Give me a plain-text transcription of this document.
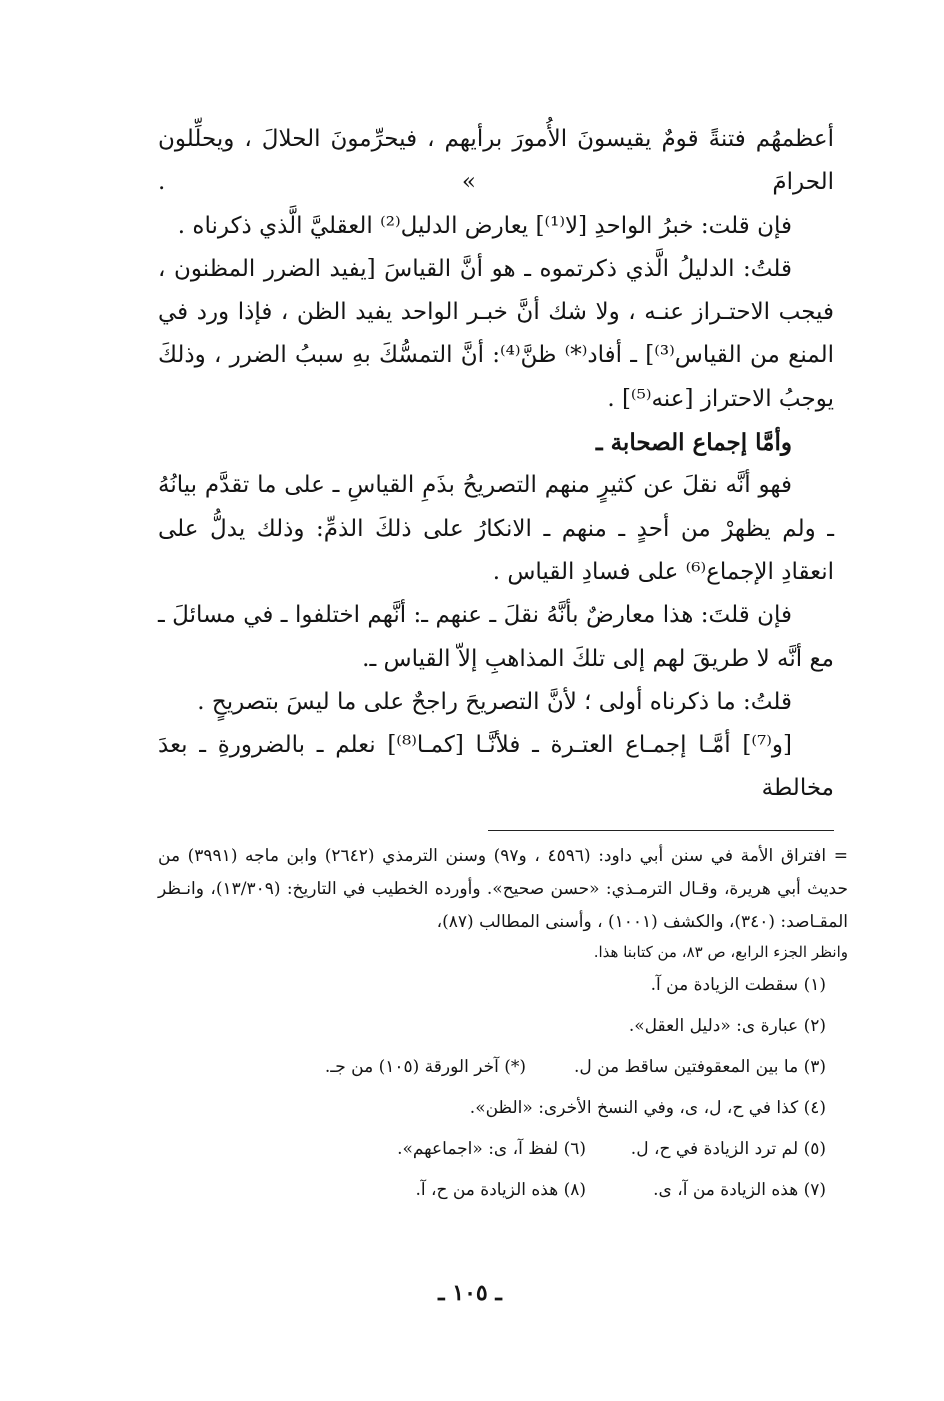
أعظمهُم فتنةً قومٌ يقيسونَ الأُمورَ برأيهم ، فيحرِّمونَ الحلالَ ، ويحلِّلون الحرامَ » .

فإن قلت: خبرُ الواحدِ [لا⁽¹⁾] يعارض الدليل⁽²⁾ العقليَّ الَّذي ذكرناه .

قلتُ: الدليلُ الَّذي ذكرتموه ـ هو أنَّ القياسَ [يفيد الضرر المظنون ، فيجب الاحتـراز عنـه ، ولا شك أنَّ خبـر الواحد يفيد الظن ، فإذا ورد في المنع من القياس⁽³⁾] ـ أفاد⁽*⁾ ظنَّ⁽⁴⁾: أنَّ التمسُّكَ بهِ سببُ الضرر ، وذلكَ يوجبُ الاحتراز [عنه⁽⁵⁾] .

وأمَّا إجماع الصحابة ـ

فهو أنَّه نقلَ عن كثيرٍ منهم التصريحُ بذَمِ القياسِ ـ على ما تقدَّم بيانُهُ ـ ولم يظهرْ من أحدٍ ـ منهم ـ الانكارُ على ذلكَ الذمِّ: وذلك يدلُّ على انعقادِ الإجماع⁽⁶⁾ على فسادِ القياس .

فإن قلتَ: هذا معارضٌ بأنَّهُ نقلَ ـ عنهم ـ: أنَّهم اختلفوا ـ في مسائلَ ـ مع أنَّه لا طريقَ لهم إلى تلكَ المذاهبِ إلاّ القياس ـ.

قلتُ: ما ذكرناه أولى ؛ لأنَّ التصريحَ راجحٌ على ما ليسَ بتصريحٍ .

[و⁽⁷⁾] أمَّـا إجمـاع العتـرة ـ فلأنَّـا [كمـا⁽⁸⁾] نعلم ـ بالضرورةِ ـ بعدَ مخالطة

= افتراق الأمة في سنن أبي داود: (٤٥٩٦ ، و٩٧) وسنن الترمذي (٢٦٤٢) وابن ماجه (٣٩٩١) من حديث أبي هريرة، وقـال الترمـذي: «حسن صحيح». وأورده الخطيب في التاريخ: (١٣/٣٠٩)، وانـظر المقـاصد: (٣٤٠)، والكشف (١٠٠١) ، وأسنى المطالب (٨٧)،

وانظر الجزء الرابع، ص ٨٣، من كتابنا هذا.

(١) سقطت الزيادة من آ.
(٢) عبارة ى: «دليل العقل».
(٣) ما بين المعقوفتين ساقط من ل.
(*) آخر الورقة (١٠٥) من جـ.
(٤) كذا في ح، ل، ى، وفي النسخ الأخرى: «الظن».
(٥) لم ترد الزيادة في ح، ل.
(٦) لفظ آ، ى: «اجماعهم».
(٧) هذه الزيادة من آ، ى.
(٨) هذه الزيادة من ح، آ.
ـ ١٠٥ ـ
